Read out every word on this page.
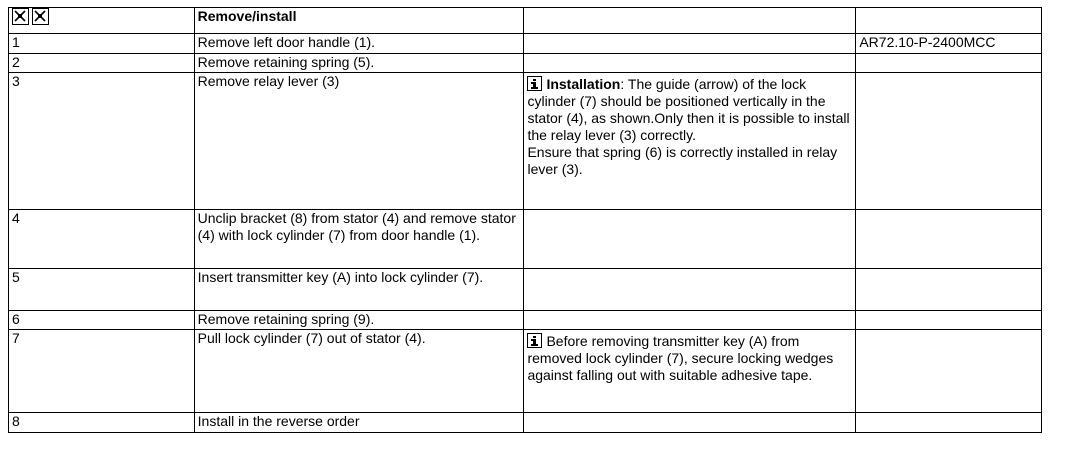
	Remove/install		
1	Remove left door handle (1).		AR72.10-P-2400MCC
2	Remove retaining spring (5).		
3	Remove relay lever (3)	Installation: The guide (arrow) of the lock cylinder (7) should be positioned vertically in the stator (4), as shown.Only then it is possible to install the relay lever (3) correctly.
Ensure that spring (6) is correctly installed in relay lever (3).	
4	Unclip bracket (8) from stator (4) and remove stator (4) with lock cylinder (7) from door handle (1).		
5	Insert transmitter key (A) into lock cylinder (7).		
6	Remove retaining spring (9).		
7	Pull lock cylinder (7) out of stator (4).	Before removing transmitter key (A) from removed lock cylinder (7), secure locking wedges against falling out with suitable adhesive tape.	
8	Install in the reverse order		
